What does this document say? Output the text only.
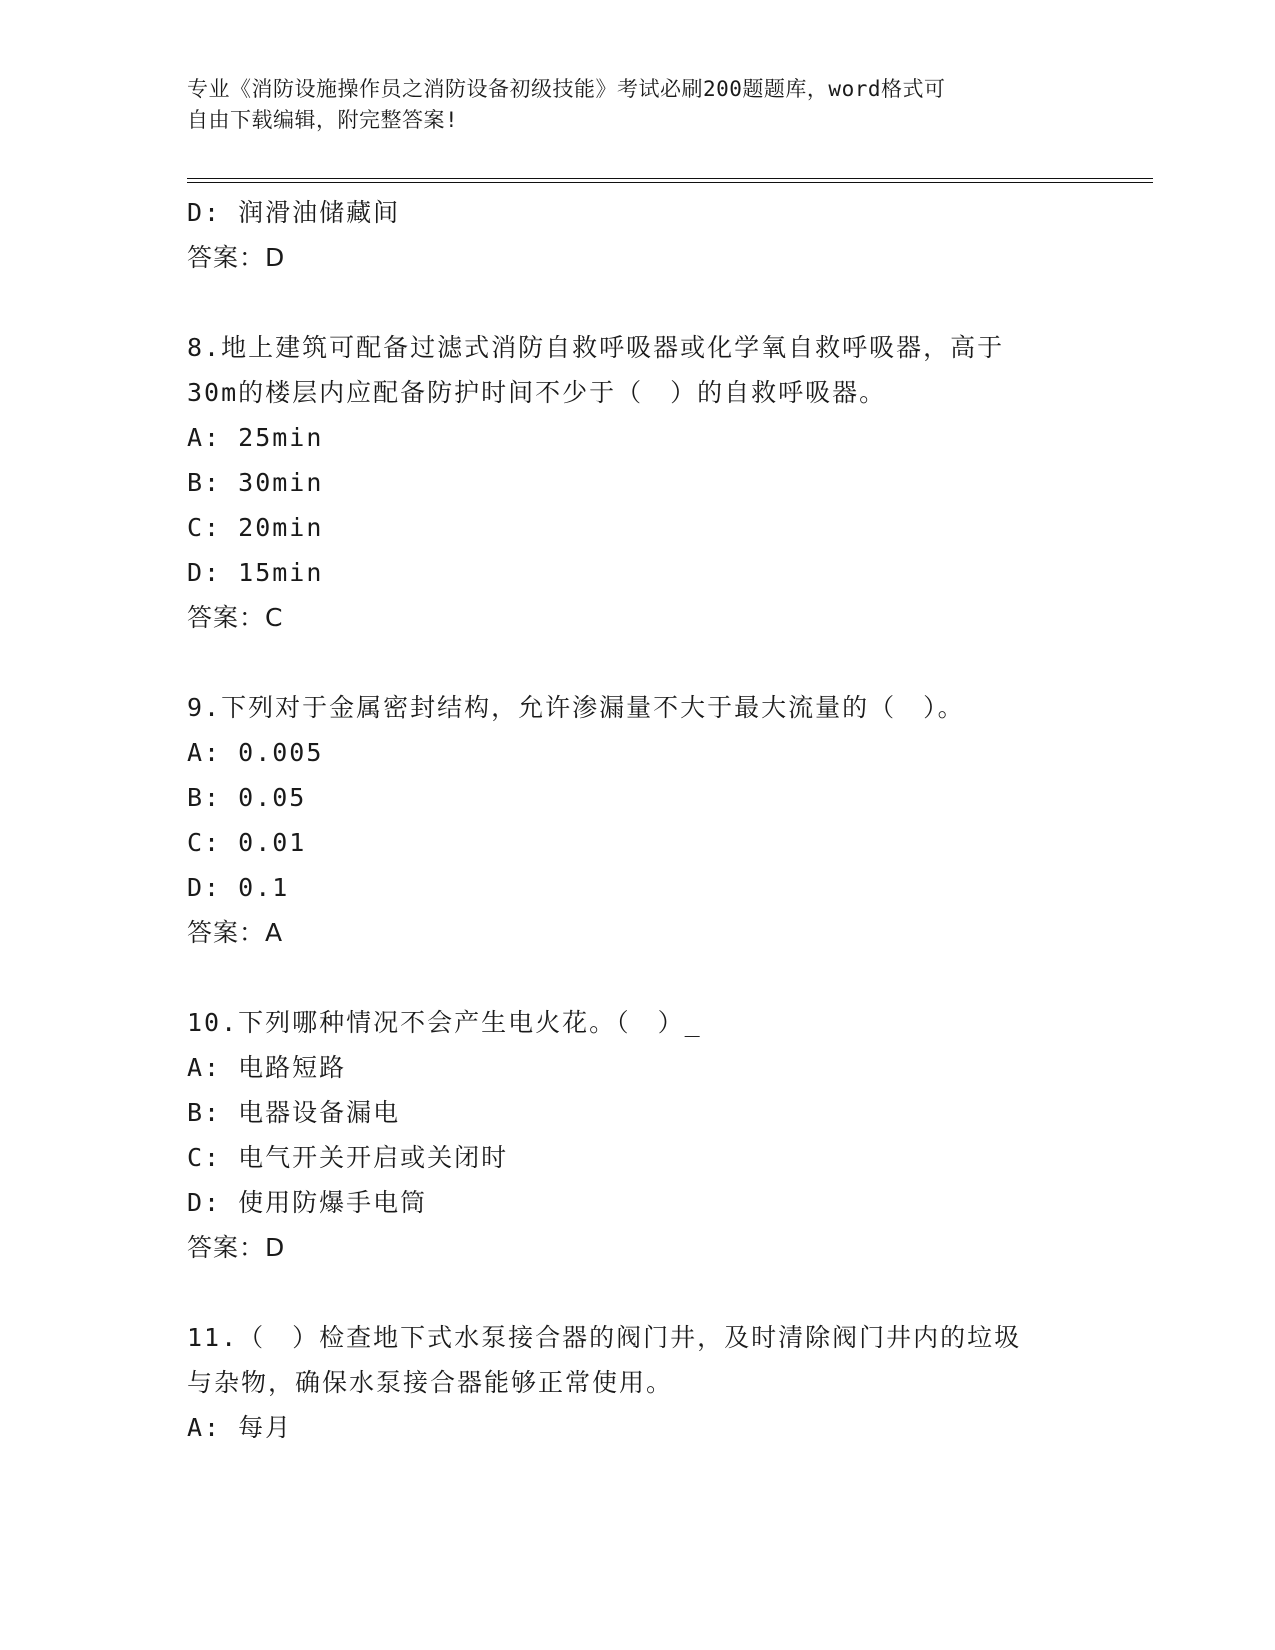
专业《消防设施操作员之消防设备初级技能》考试必刷200题题库，word格式可
自由下载编辑，附完整答案!
D: 润滑油储藏间
答案：D
8.地上建筑可配备过滤式消防自救呼吸器或化学氧自救呼吸器，高于
30m的楼层内应配备防护时间不少于（　）的自救呼吸器。
A: 25min
B: 30min
C: 20min
D: 15min
答案：C
9.下列对于金属密封结构，允许渗漏量不大于最大流量的（　）。
A: 0.005
B: 0.05
C: 0.01
D: 0.1
答案：A
10.下列哪种情况不会产生电火花。（　）_
A: 电路短路
B: 电器设备漏电
C: 电气开关开启或关闭时
D: 使用防爆手电筒
答案：D
11.（　）检查地下式水泵接合器的阀门井，及时清除阀门井内的垃圾
与杂物，确保水泵接合器能够正常使用。
A: 每月
